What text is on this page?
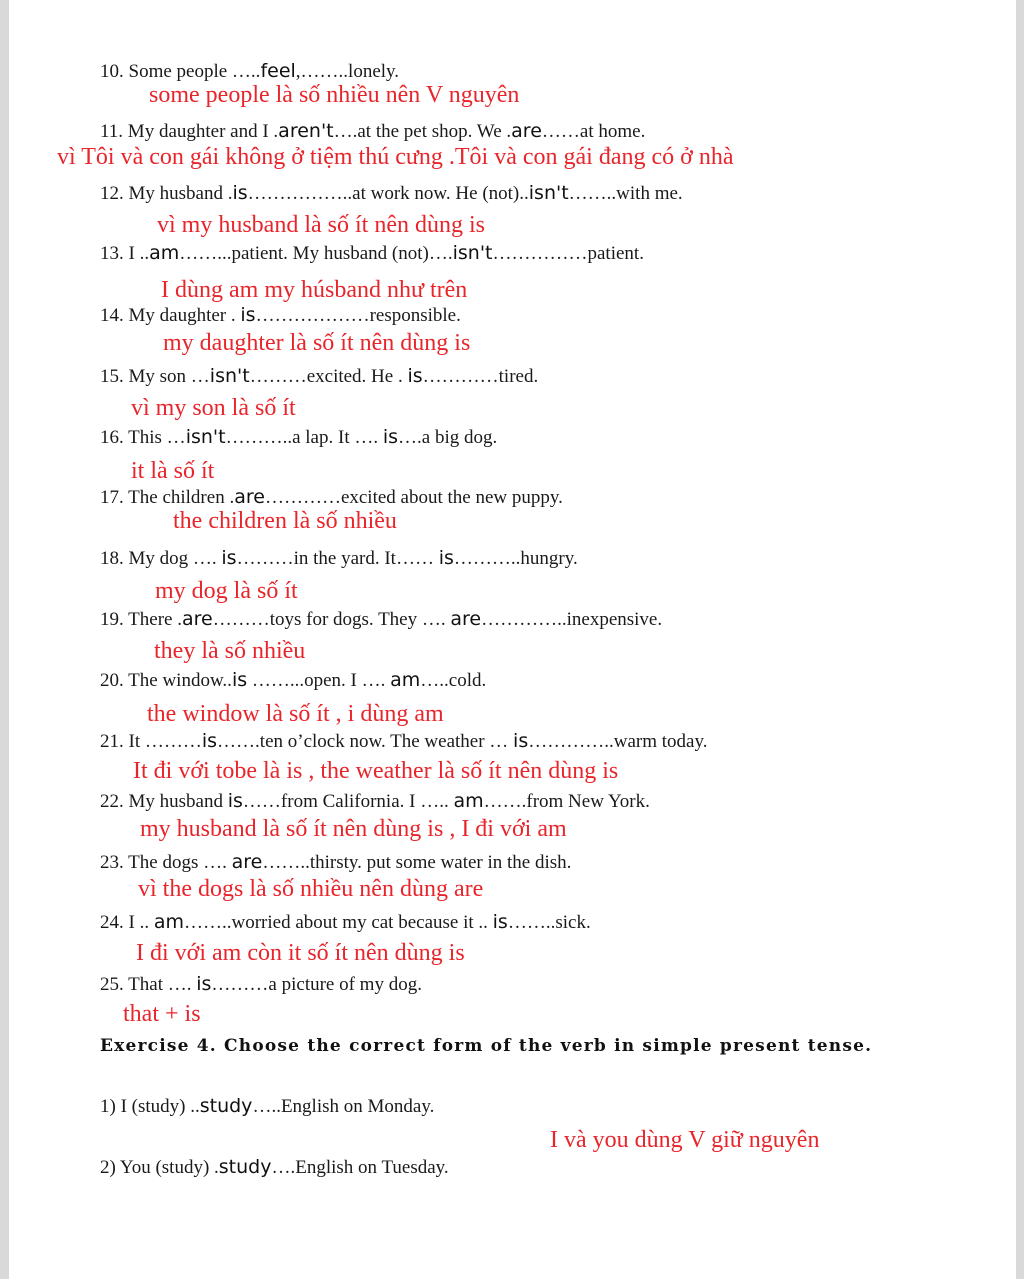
10. Some people …..feel,……..lonely.
some people là số nhiều nên V nguyên
11. My daughter and I .aren't….at the pet shop. We .are……at home.
vì Tôi và con gái không ở tiệm thú cưng .Tôi và con gái đang có ở nhà
12. My husband .is……………..at work now. He (not)..isn't……..with me.
vì my husband là số ít nên dùng is
13. I ..am……...patient. My husband (not)….isn't……………patient.
I dùng am my húsband như trên
14. My daughter . is………………responsible.
my daughter là số ít nên dùng is
15. My son …isn't………excited. He . is…………tired.
vì my son là số ít
16. This …isn't………..a lap. It …. is….a big dog.
it là số ít
17. The children .are…………excited about the new puppy.
the children là số nhiều
18. My dog …. is………in the yard. It…… is………..hungry.
my dog là số ít
19. There .are………toys for dogs. They …. are…………..inexpensive.
they là số nhiều
20. The window..is ……...open. I …. am…..cold.
the window là số ít , i dùng am
21. It ………is…….ten o’clock now. The weather … is…………..warm today.
It đi với tobe là is , the weather là số ít nên dùng is
22. My husband is……from California. I ….. am…….from New York.
my husband là số ít nên dùng is , I đi với am
23. The dogs …. are……..thirsty. put some water in the dish.
vì the dogs là số nhiều nên dùng are
24. I .. am……..worried about my cat because it .. is……..sick.
I đi với am còn it số ít nên dùng is
25. That …. is………a picture of my dog.
that + is
Exercise 4. Choose the correct form of the verb in simple present tense.
1) I (study) ..study…..English on Monday.
I và you dùng V giữ nguyên
2) You (study) .study….English on Tuesday.
